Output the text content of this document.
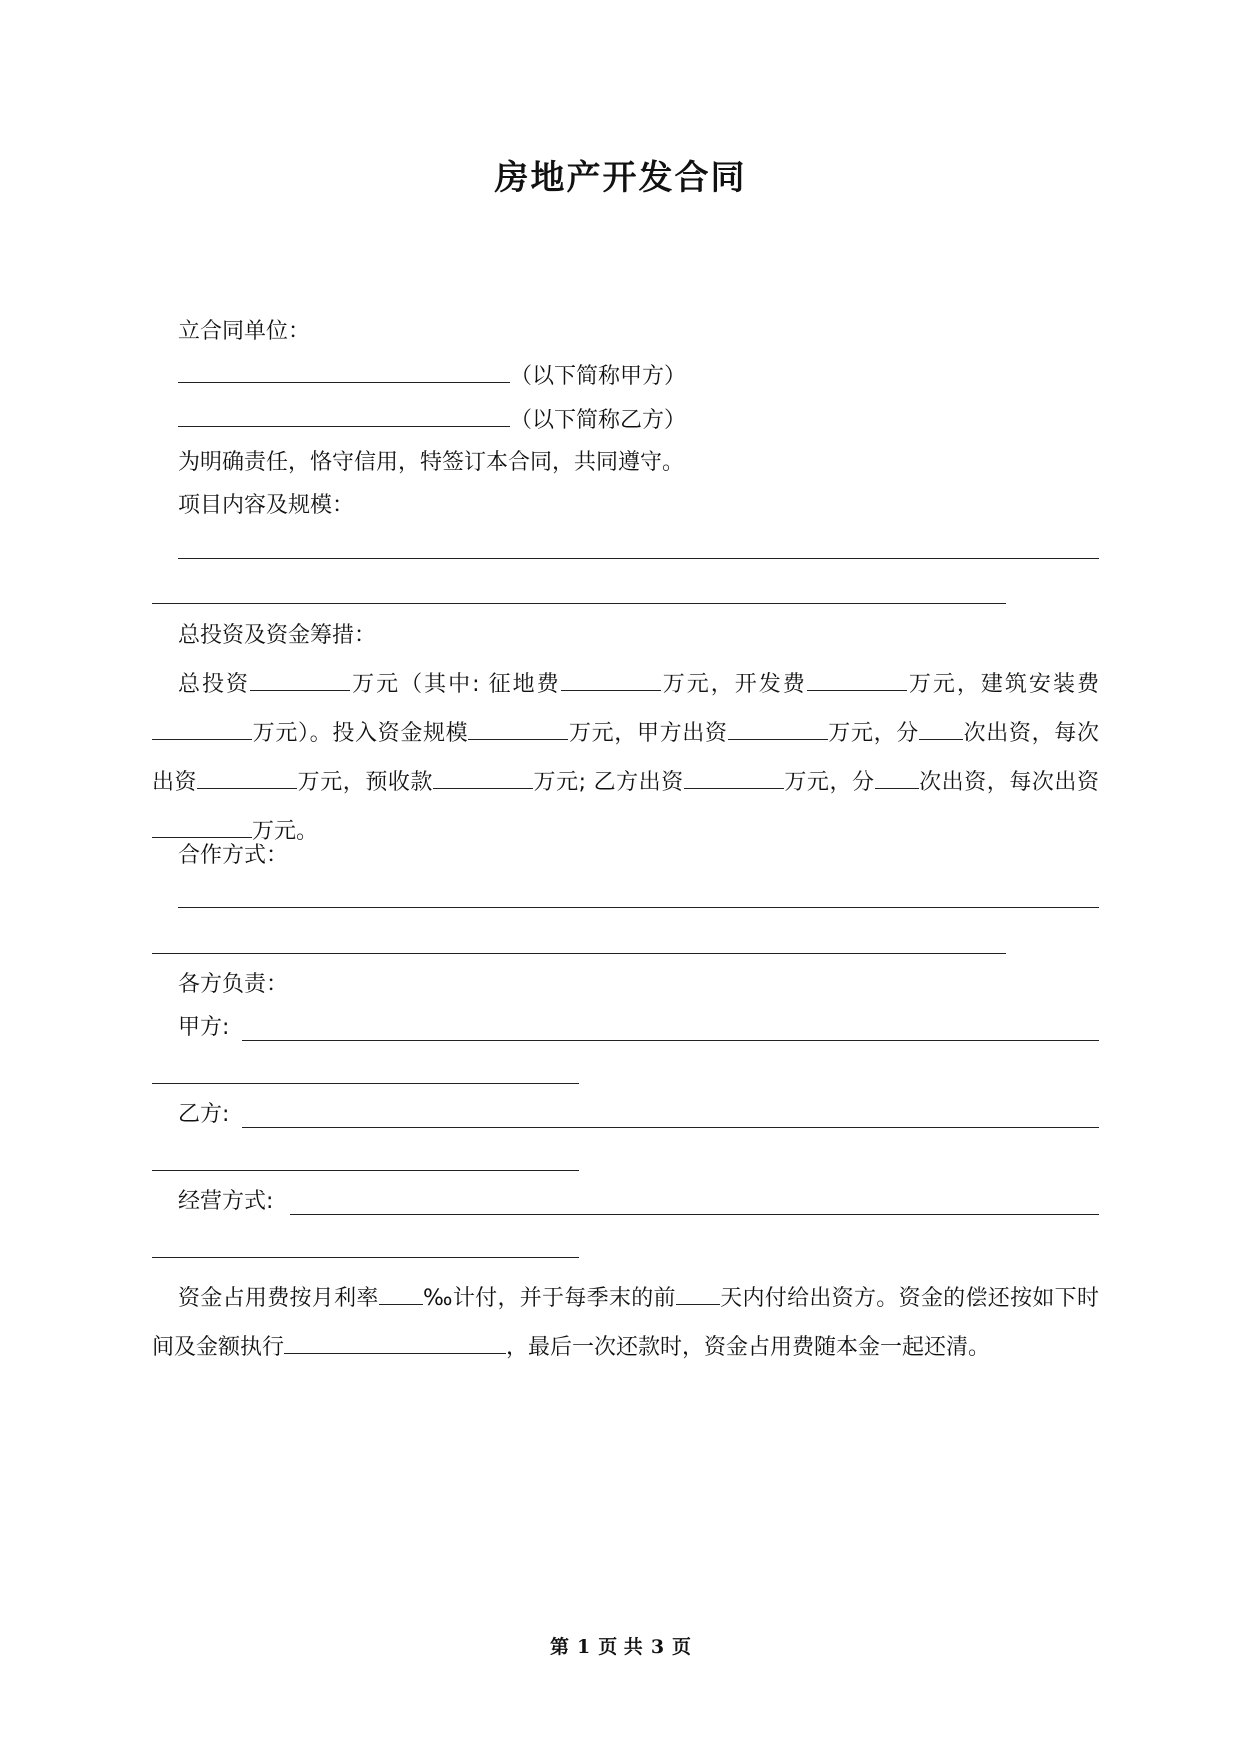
房地产开发合同
立合同单位：
（以下简称甲方）
（以下简称乙方）
为明确责任，恪守信用，特签订本合同，共同遵守。
项目内容及规模：
总投资及资金筹措：
总投资	万元（其中: 征地费	万元，开发费	万元，建筑安装费万元）。投入资金规模	万元，甲方出资	万元，分 次出资，每次出资	万元，预收款	万元; 乙方出资	万元，分 次出资，每次出资万元。
合作方式：
各方负责：
甲方:
乙方:
经营方式:
资金占用费按月利率 ‰计付，并于每季末的前 天内付给出资方。资金的偿还按如下时间及金额执行	，最后一次还款时，资金占用费随本金一起还清。
第 1 页 共 3 页
